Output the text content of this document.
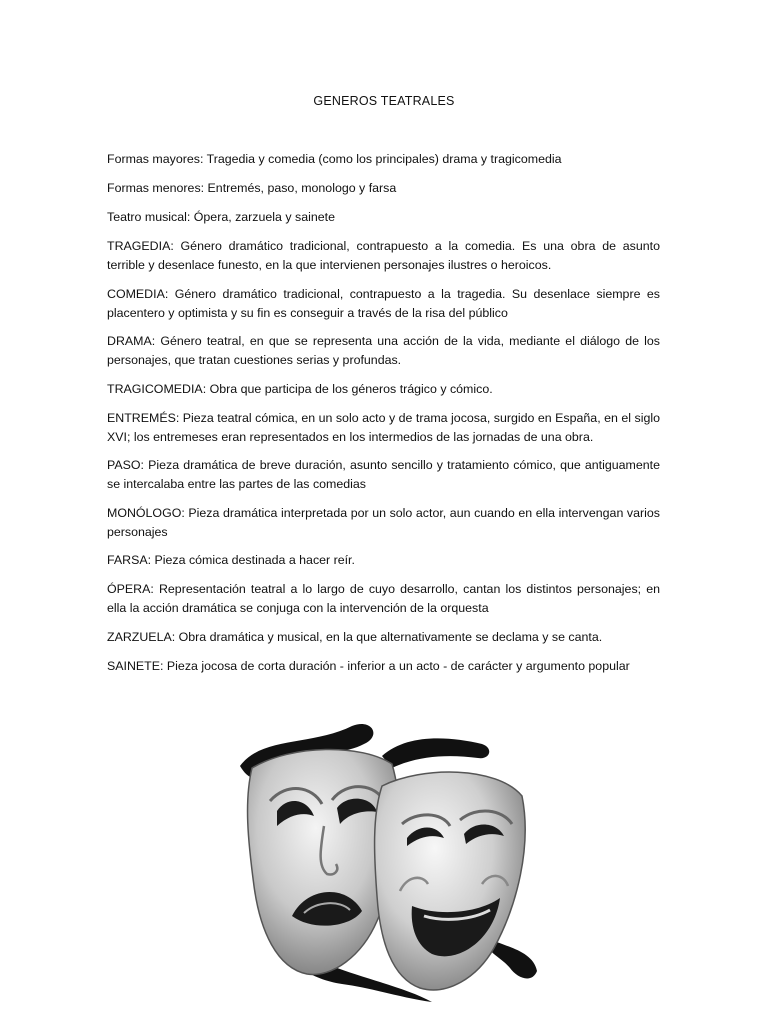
GENEROS TEATRALES

Formas mayores: Tragedia y comedia (como los principales) drama y tragicomedia

Formas menores: Entremés, paso, monologo y farsa

Teatro musical: Ópera, zarzuela y sainete

TRAGEDIA: Género dramático tradicional, contrapuesto a la comedia. Es una obra de asunto terrible y desenlace funesto, en la que intervienen personajes ilustres o heroicos.

COMEDIA: Género dramático tradicional, contrapuesto a la tragedia. Su desenlace siempre es placentero y optimista y su fin es conseguir a través de la risa del público

DRAMA: Género teatral, en que se representa una acción de la vida, mediante el diálogo de los personajes, que tratan cuestiones serias y profundas.

TRAGICOMEDIA: Obra que participa de los géneros trágico y cómico.

ENTREMÉS: Pieza teatral cómica, en un solo acto y de trama jocosa, surgido en España, en el siglo XVI; los entremeses eran representados en los intermedios de las jornadas de una obra.

PASO: Pieza dramática de breve duración, asunto sencillo y tratamiento cómico, que antiguamente se intercalaba entre las partes de las comedias

MONÓLOGO: Pieza dramática interpretada por un solo actor, aun cuando en ella intervengan varios personajes

FARSA: Pieza cómica destinada a hacer reír.

ÓPERA: Representación teatral a lo largo de cuyo desarrollo, cantan los distintos personajes; en ella la acción dramática se conjuga con la intervención de la orquesta

ZARZUELA: Obra dramática y musical, en la que alternativamente se declama y se canta.

SAINETE: Pieza jocosa de corta duración - inferior a un acto - de carácter y argumento popular
